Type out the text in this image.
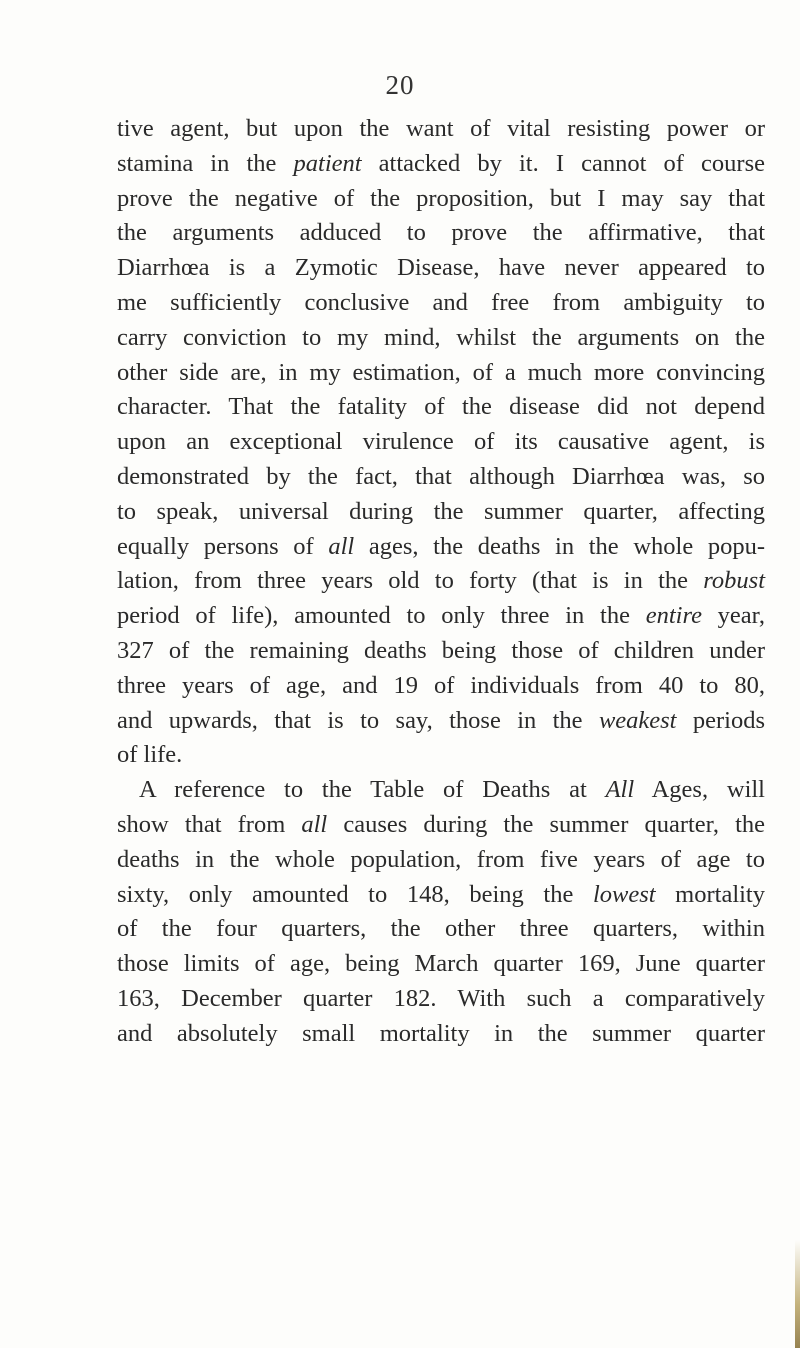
20
tive agent, but upon the want of vital resisting power or
stamina in the patient attacked by it. I cannot of course
prove the negative of the proposition, but I may say that
the arguments adduced to prove the affirmative, that
Diarrhœa is a Zymotic Disease, have never appeared to
me sufficiently conclusive and free from ambiguity to
carry conviction to my mind, whilst the arguments on the
other side are, in my estimation, of a much more convincing
character. That the fatality of the disease did not depend
upon an exceptional virulence of its causative agent, is
demonstrated by the fact, that although Diarrhœa was, so
to speak, universal during the summer quarter, affecting
equally persons of all ages, the deaths in the whole popu-
lation, from three years old to forty (that is in the robust
period of life), amounted to only three in the entire year,
327 of the remaining deaths being those of children under
three years of age, and 19 of individuals from 40 to 80,
and upwards, that is to say, those in the weakest periods
of life.
A reference to the Table of Deaths at All Ages, will
show that from all causes during the summer quarter, the
deaths in the whole population, from five years of age to
sixty, only amounted to 148, being the lowest mortality
of the four quarters, the other three quarters, within
those limits of age, being March quarter 169, June quarter
163, December quarter 182. With such a comparatively
and absolutely small mortality in the summer quarter
